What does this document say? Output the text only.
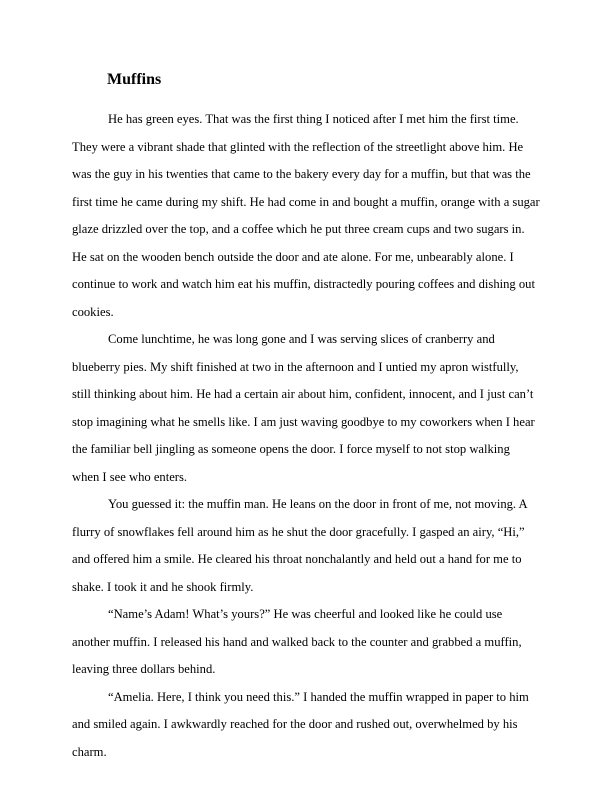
Muffins

He has green eyes. That was the first thing I noticed after I met him the first time. They were a vibrant shade that glinted with the reflection of the streetlight above him. He was the guy in his twenties that came to the bakery every day for a muffin, but that was the first time he came during my shift. He had come in and bought a muffin, orange with a sugar glaze drizzled over the top, and a coffee which he put three cream cups and two sugars in. He sat on the wooden bench outside the door and ate alone. For me, unbearably alone. I continue to work and watch him eat his muffin, distractedly pouring coffees and dishing out cookies.

Come lunchtime, he was long gone and I was serving slices of cranberry and blueberry pies. My shift finished at two in the afternoon and I untied my apron wistfully, still thinking about him. He had a certain air about him, confident, innocent, and I just can’t stop imagining what he smells like. I am just waving goodbye to my coworkers when I hear the familiar bell jingling as someone opens the door. I force myself to not stop walking when I see who enters.

You guessed it: the muffin man. He leans on the door in front of me, not moving. A flurry of snowflakes fell around him as he shut the door gracefully. I gasped an airy, “Hi,” and offered him a smile. He cleared his throat nonchalantly and held out a hand for me to shake. I took it and he shook firmly.

“Name’s Adam! What’s yours?” He was cheerful and looked like he could use another muffin. I released his hand and walked back to the counter and grabbed a muffin, leaving three dollars behind.

“Amelia. Here, I think you need this.” I handed the muffin wrapped in paper to him and smiled again. I awkwardly reached for the door and rushed out, overwhelmed by his charm.
